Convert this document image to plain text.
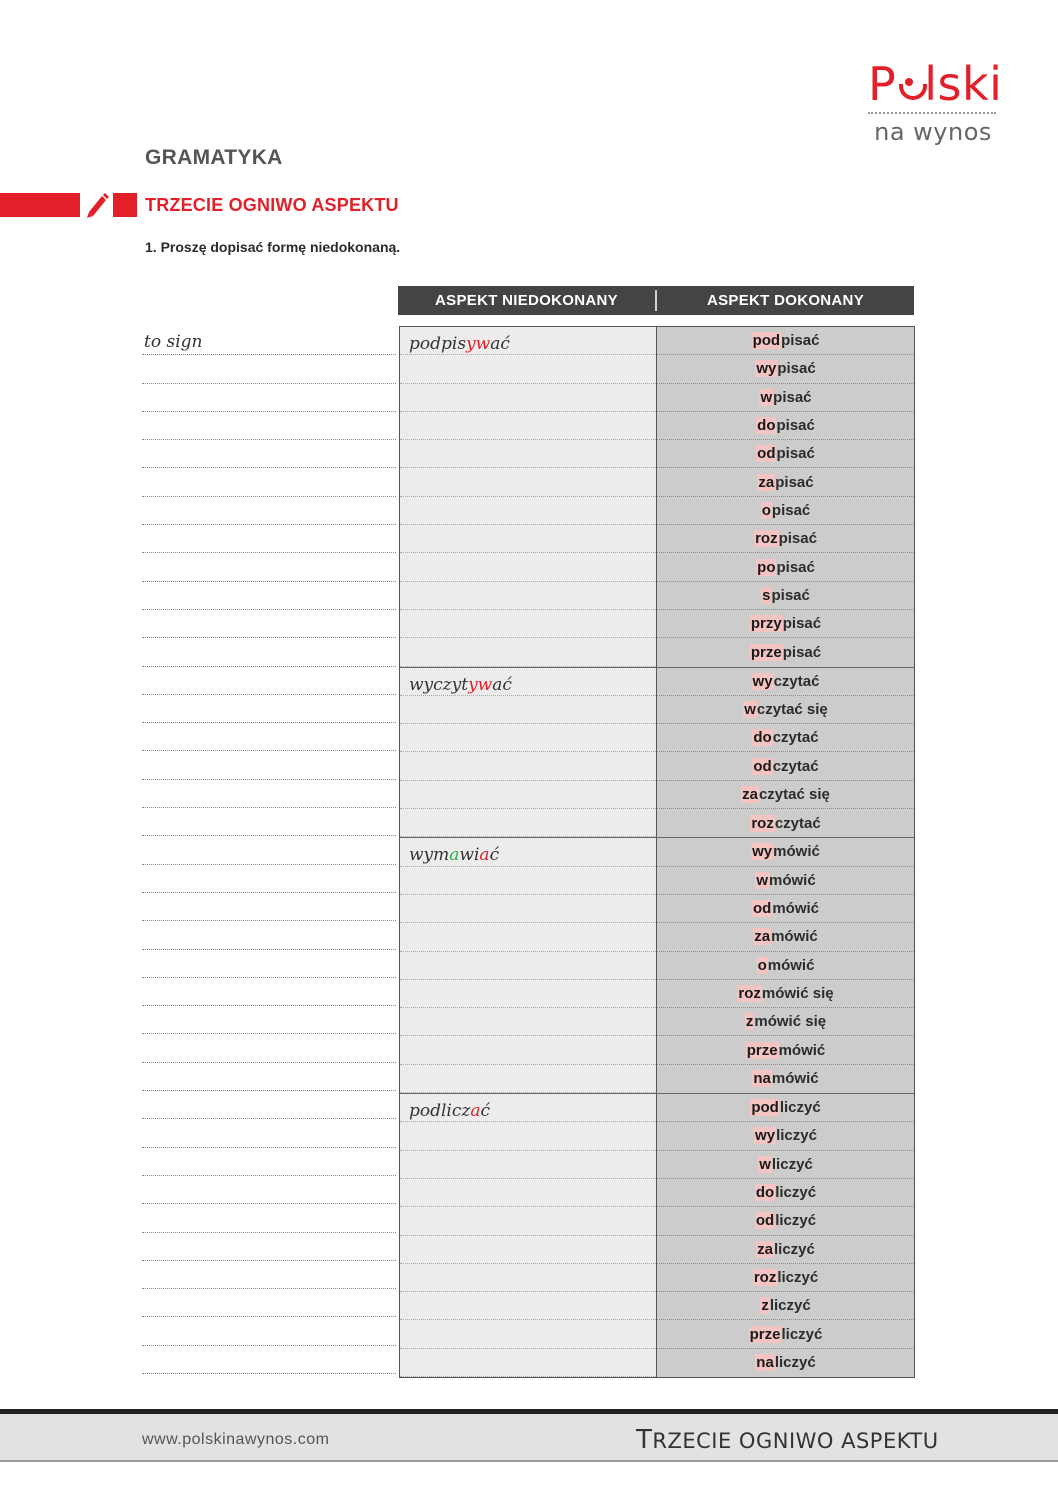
P lski
na wynos
GRAMATYKA
TRZECIE OGNIWO ASPEKTU
1. Proszę dopisać formę niedokonaną.
ASPEKT NIEDOKONANY	ASPEKT DOKONANY
to sign	podpisywać	pod pisać
wy pisać
w pisać
do pisać
od pisać
za pisać
o pisać
roz pisać
po pisać
s pisać
przy pisać
prze pisać
wyczytywać	wy czytać
w czytać się
do czytać
od czytać
za czytać się
roz czytać
wymawiać	wy mówić
w mówić
od mówić
za mówić
o mówić
roz mówić się
z mówić się
prze mówić
na mówić
podliczać	pod liczyć
wy liczyć
w liczyć
do liczyć
od liczyć
za liczyć
roz liczyć
z liczyć
prze liczyć
na liczyć
www.polskinawynos.com	TRZECIE OGNIWO ASPEKTU
